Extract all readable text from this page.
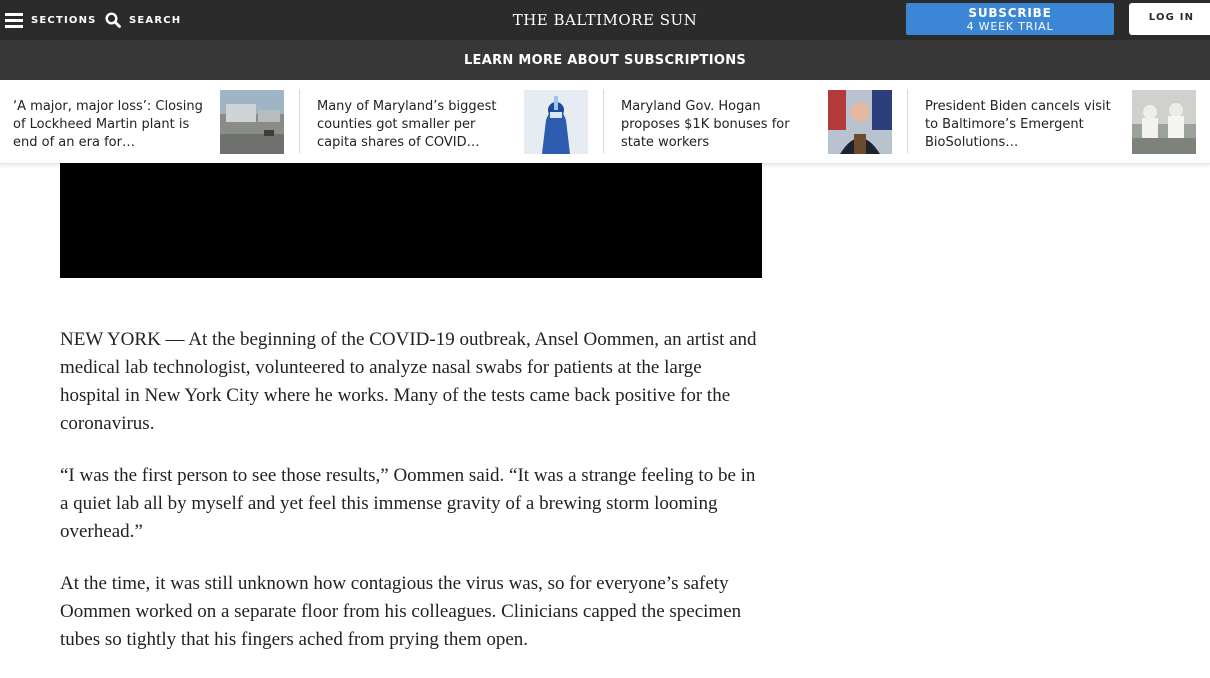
SECTIONS	SEARCH	THE BALTIMORE SUN	SUBSCRIBE
4 WEEK TRIAL
LOG IN
LEARN MORE ABOUT SUBSCRIPTIONS
‘A major, major loss’: Closing of Lockheed Martin plant is end of an era for…
Many of Maryland’s biggest counties got smaller per capita shares of COVID…
Maryland Gov. Hogan proposes $1K bonuses for state workers
President Biden cancels visit to Baltimore’s Emergent BioSolutions…

NEW YORK — At the beginning of the COVID-19 outbreak, Ansel Oommen, an artist and medical lab technologist, volunteered to analyze nasal swabs for patients at the large hospital in New York City where he works. Many of the tests came back positive for the coronavirus.

“I was the first person to see those results,” Oommen said. “It was a strange feeling to be in a quiet lab all by myself and yet feel this immense gravity of a brewing storm looming overhead.”

At the time, it was still unknown how contagious the virus was, so for everyone’s safety Oommen worked on a separate floor from his colleagues. Clinicians capped the specimen tubes so tightly that his fingers ached from prying them open.
